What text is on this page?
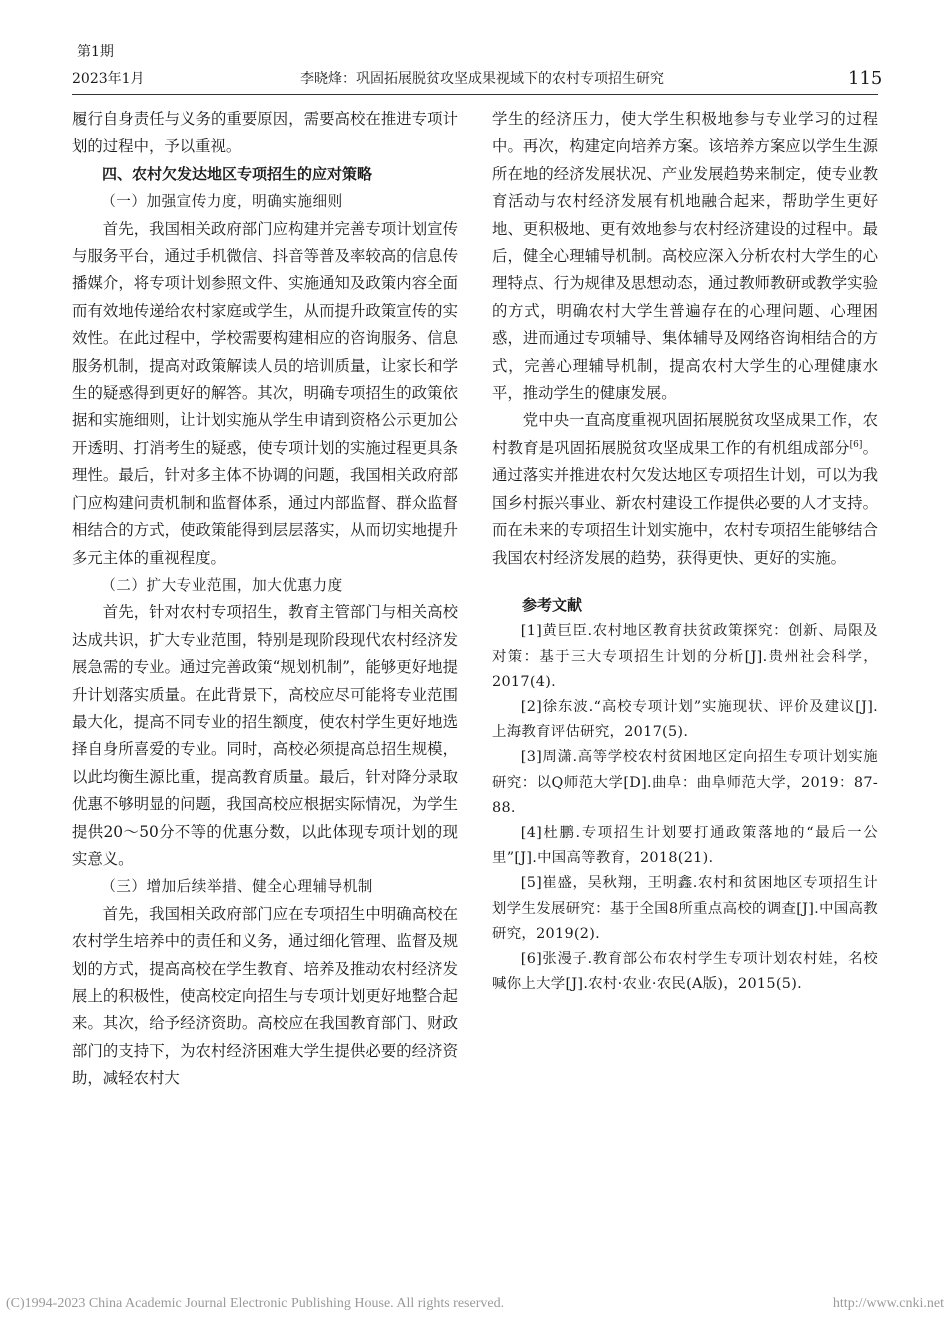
第1期
2023年1月	李晓烽：巩固拓展脱贫攻坚成果视域下的农村专项招生研究	115

履行自身责任与义务的重要原因，需要高校在推进专项计划的过程中，予以重视。

四、农村欠发达地区专项招生的应对策略

（一）加强宣传力度，明确实施细则

首先，我国相关政府部门应构建并完善专项计划宣传与服务平台，通过手机微信、抖音等普及率较高的信息传播媒介，将专项计划参照文件、实施通知及政策内容全面而有效地传递给农村家庭或学生，从而提升政策宣传的实效性。在此过程中，学校需要构建相应的咨询服务、信息服务机制，提高对政策解读人员的培训质量，让家长和学生的疑惑得到更好的解答。其次，明确专项招生的政策依据和实施细则，让计划实施从学生申请到资格公示更加公开透明、打消考生的疑惑，使专项计划的实施过程更具条理性。最后，针对多主体不协调的问题，我国相关政府部门应构建问责机制和监督体系，通过内部监督、群众监督相结合的方式，使政策能得到层层落实，从而切实地提升多元主体的重视程度。

（二）扩大专业范围，加大优惠力度

首先，针对农村专项招生，教育主管部门与相关高校达成共识，扩大专业范围，特别是现阶段现代农村经济发展急需的专业。通过完善政策“规划机制”，能够更好地提升计划落实质量。在此背景下，高校应尽可能将专业范围最大化，提高不同专业的招生额度，使农村学生更好地选择自身所喜爱的专业。同时，高校必须提高总招生规模，以此均衡生源比重，提高教育质量。最后，针对降分录取优惠不够明显的问题，我国高校应根据实际情况，为学生提供20～50分不等的优惠分数，以此体现专项计划的现实意义。

（三）增加后续举措、健全心理辅导机制

首先，我国相关政府部门应在专项招生中明确高校在农村学生培养中的责任和义务，通过细化管理、监督及规划的方式，提高高校在学生教育、培养及推动农村经济发展上的积极性，使高校定向招生与专项计划更好地整合起来。其次，给予经济资助。高校应在我国教育部门、财政部门的支持下，为农村经济困难大学生提供必要的经济资助，减轻农村大

学生的经济压力，使大学生积极地参与专业学习的过程中。再次，构建定向培养方案。该培养方案应以学生生源所在地的经济发展状况、产业发展趋势来制定，使专业教育活动与农村经济发展有机地融合起来，帮助学生更好地、更积极地、更有效地参与农村经济建设的过程中。最后，健全心理辅导机制。高校应深入分析农村大学生的心理特点、行为规律及思想动态，通过教师教研或教学实验的方式，明确农村大学生普遍存在的心理问题、心理困惑，进而通过专项辅导、集体辅导及网络咨询相结合的方式，完善心理辅导机制，提高农村大学生的心理健康水平，推动学生的健康发展。

党中央一直高度重视巩固拓展脱贫攻坚成果工作，农村教育是巩固拓展脱贫攻坚成果工作的有机组成部分[6]。通过落实并推进农村欠发达地区专项招生计划，可以为我国乡村振兴事业、新农村建设工作提供必要的人才支持。而在未来的专项招生计划实施中，农村专项招生能够结合我国农村经济发展的趋势，获得更快、更好的实施。

参考文献

[1]黄巨臣.农村地区教育扶贫政策探究：创新、局限及对策：基于三大专项招生计划的分析[J].贵州社会科学，2017(4).

[2]徐东波.“高校专项计划”实施现状、评价及建议[J].上海教育评估研究，2017(5).

[3]周潇.高等学校农村贫困地区定向招生专项计划实施研究：以Q师范大学[D].曲阜：曲阜师范大学，2019：87-88.

[4]杜鹏.专项招生计划要打通政策落地的“最后一公里”[J].中国高等教育，2018(21).

[5]崔盛，吴秋翔，王明鑫.农村和贫困地区专项招生计划学生发展研究：基于全国8所重点高校的调查[J].中国高教研究，2019(2).

[6]张漫子.教育部公布农村学生专项计划农村娃，名校喊你上大学[J].农村·农业·农民(A版)，2015(5).

(C)1994-2023 China Academic Journal Electronic Publishing House. All rights reserved.	http://www.cnki.net
